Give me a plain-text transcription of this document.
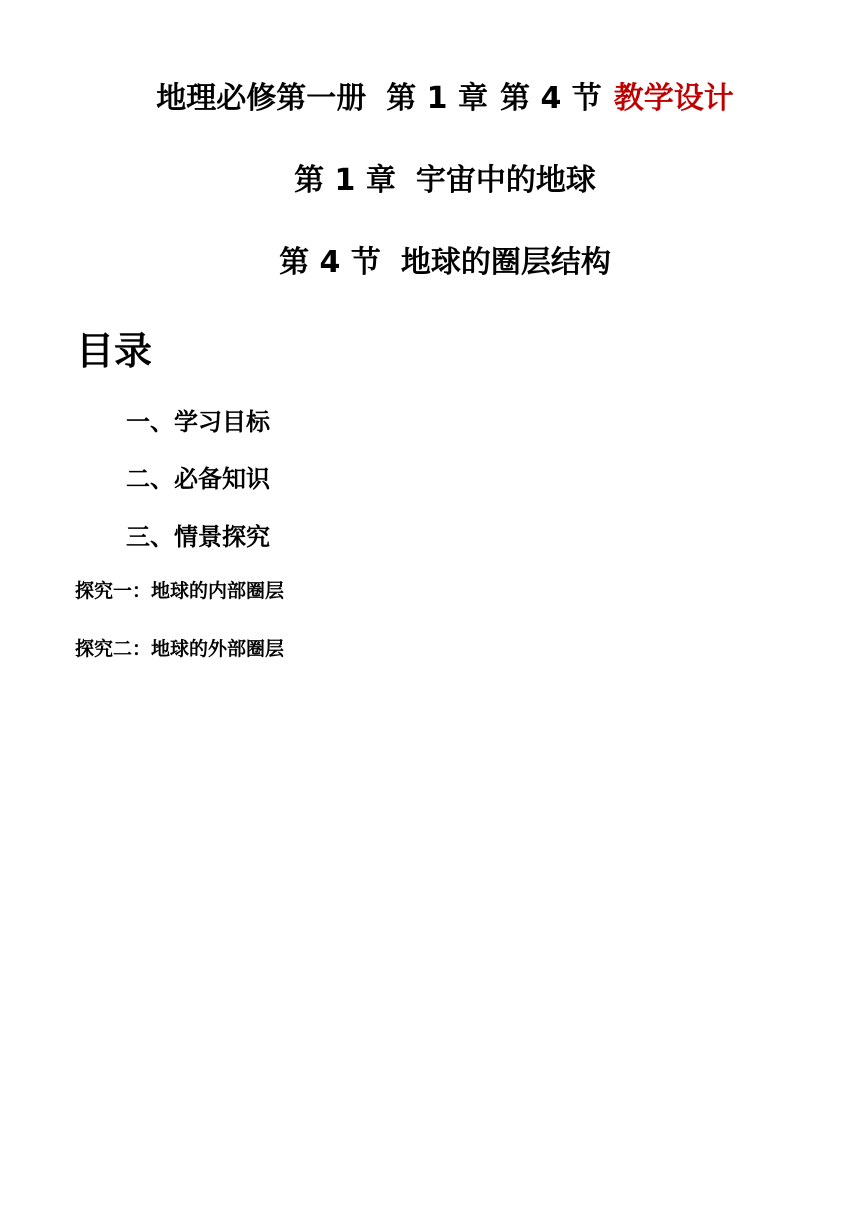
地理必修第一册 第 1 章 第 4 节 教学设计
第 1 章 宇宙中的地球
第 4 节 地球的圈层结构
目录
一、学习目标
二、必备知识
三、情景探究
探究一：地球的内部圈层
探究二：地球的外部圈层
